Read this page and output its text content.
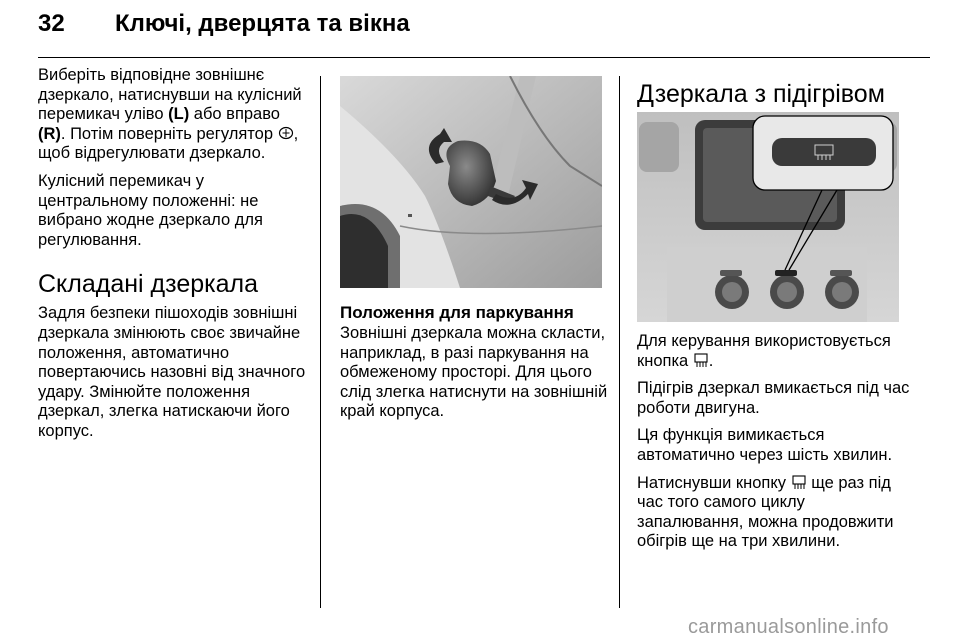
32 Ключі, дверцята та вікна

Виберіть відповідне зовнішнє дзеркало, натиснувши на кулісний перемикач уліво (L) або вправо (R). Потім поверніть регулятор , щоб відрегулювати дзеркало.

Кулісний перемикач у центральному положенні: не вибрано жодне дзеркало для регулювання.

Складані дзеркала

Задля безпеки пішоходів зовнішні дзеркала змінюють своє звичайне положення, автоматично повертаючись назовні від значного удару. Змінюйте положення дзеркал, злегка натискаючи його корпус.

Положення для паркування

Зовнішні дзеркала можна скласти, наприклад, в разі паркування на обмеженому просторі. Для цього слід злегка натиснути на зовнішній край корпуса.

Дзеркала з підігрівом

Для керування використовується кнопка .

Підігрів дзеркал вмикається під час роботи двигуна.

Ця функція вимикається автоматично через шість хвилин.

Натиснувши кнопку  ще раз під час того самого циклу запалювання, можна продовжити обігрів ще на три хвилини.

carmanualsonline.info
